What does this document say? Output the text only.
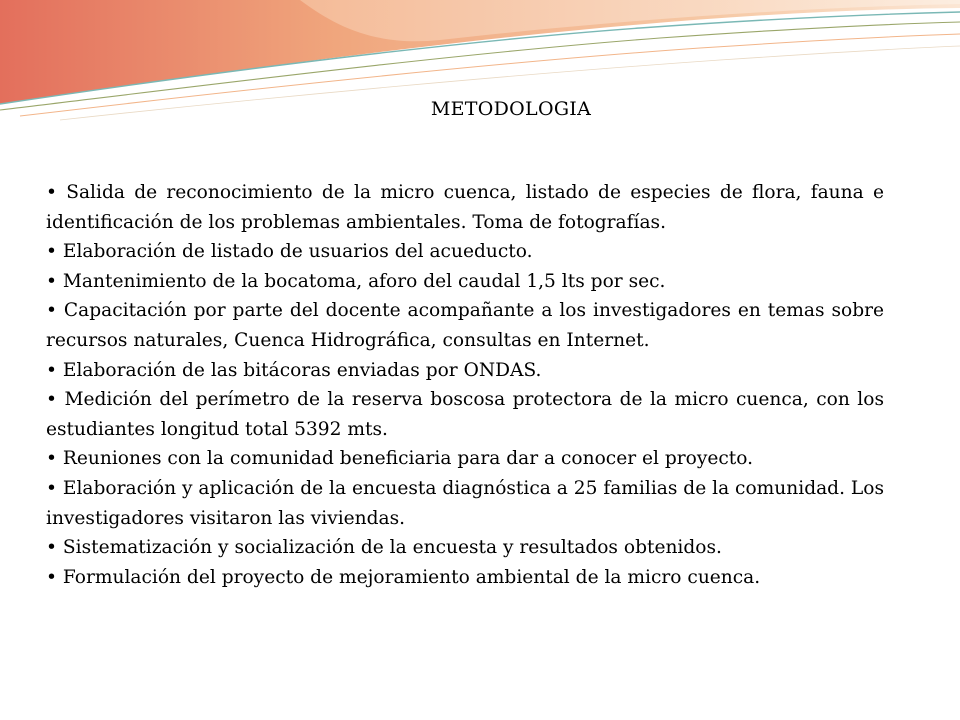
METODOLOGIA
• Salida de reconocimiento de la micro cuenca, listado de especies de flora, fauna e identificación de los problemas ambientales. Toma de fotografías.
• Elaboración de listado de usuarios del acueducto.
• Mantenimiento de la bocatoma, aforo del caudal 1,5 lts por sec.
• Capacitación por parte del docente acompañante a los investigadores en temas sobre recursos naturales, Cuenca Hidrográfica, consultas en Internet.
• Elaboración de las bitácoras enviadas por ONDAS.
• Medición del perímetro de la reserva boscosa protectora de la micro cuenca, con los estudiantes longitud total 5392 mts.
• Reuniones con la comunidad beneficiaria para dar a conocer el proyecto.
• Elaboración y aplicación de la encuesta diagnóstica a 25 familias de la comunidad. Los investigadores visitaron las viviendas.
• Sistematización y socialización de la encuesta y resultados obtenidos.
• Formulación del proyecto de mejoramiento ambiental de la micro cuenca.
